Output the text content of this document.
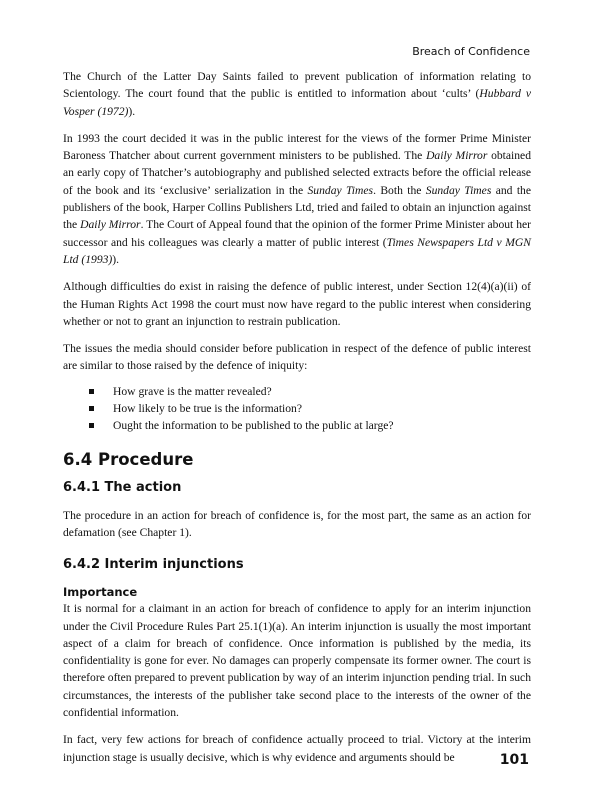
Breach of Confidence

The Church of the Latter Day Saints failed to prevent publication of information relating to Scientology. The court found that the public is entitled to information about ‘cults’ (Hubbard v Vosper (1972)).

In 1993 the court decided it was in the public interest for the views of the former Prime Minister Baroness Thatcher about current government ministers to be published. The Daily Mirror obtained an early copy of Thatcher’s autobiography and published selected extracts before the official release of the book and its ‘exclusive’ serialization in the Sunday Times. Both the Sunday Times and the publishers of the book, Harper Collins Publishers Ltd, tried and failed to obtain an injunction against the Daily Mirror. The Court of Appeal found that the opinion of the former Prime Minister about her successor and his colleagues was clearly a matter of public interest (Times Newspapers Ltd v MGN Ltd (1993)).

Although difficulties do exist in raising the defence of public interest, under Section 12(4)(a)(ii) of the Human Rights Act 1998 the court must now have regard to the public interest when considering whether or not to grant an injunction to restrain publication.

The issues the media should consider before publication in respect of the defence of public interest are similar to those raised by the defence of iniquity:

How grave is the matter revealed?
How likely to be true is the information?
Ought the information to be published to the public at large?
6.4 Procedure
6.4.1 The action

The procedure in an action for breach of confidence is, for the most part, the same as an action for defamation (see Chapter 1).

6.4.2 Interim injunctions
Importance

It is normal for a claimant in an action for breach of confidence to apply for an interim injunction under the Civil Procedure Rules Part 25.1(1)(a). An interim injunction is usually the most important aspect of a claim for breach of confidence. Once information is published by the media, its confidentiality is gone for ever. No damages can properly compensate its former owner. The court is therefore often prepared to prevent publication by way of an interim injunction pending trial. In such circumstances, the interests of the publisher take second place to the interests of the owner of the confidential information.

In fact, very few actions for breach of confidence actually proceed to trial. Victory at the interim injunction stage is usually decisive, which is why evidence and arguments should be	101
